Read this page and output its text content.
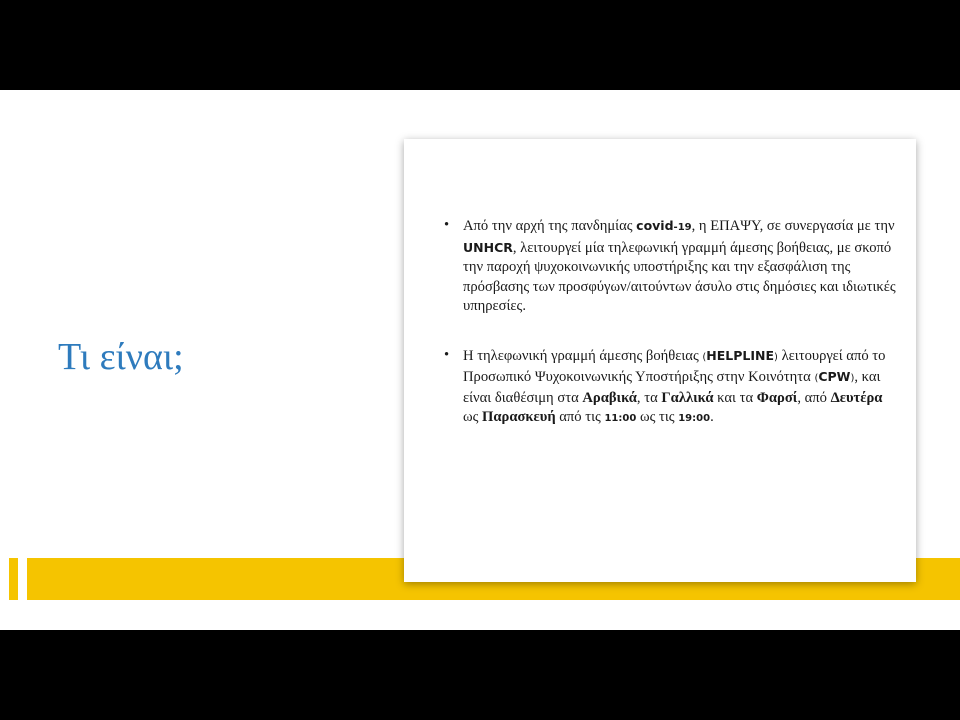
Τι είναι;
• Από την αρχή της πανδημίας covid-19, η ΕΠΑΨΥ, σε συνεργασία με την UNHCR, λειτουργεί μία τηλεφωνική γραμμή άμεσης βοήθειας, με σκοπό την παροχή ψυχοκοινωνικής υποστήριξης και την εξασφάλιση της πρόσβασης των προσφύγων/αιτούντων άσυλο στις δημόσιες και ιδιωτικές υπηρεσίες.
• Η τηλεφωνική γραμμή άμεσης βοήθειας (HELPLINE) λειτουργεί από το Προσωπικό Ψυχοκοινωνικής Υποστήριξης στην Κοινότητα (CPW), και είναι διαθέσιμη στα Αραβικά, τα Γαλλικά και τα Φαρσί, από Δευτέρα ως Παρασκευή από τις 11:00 ως τις 19:00.
